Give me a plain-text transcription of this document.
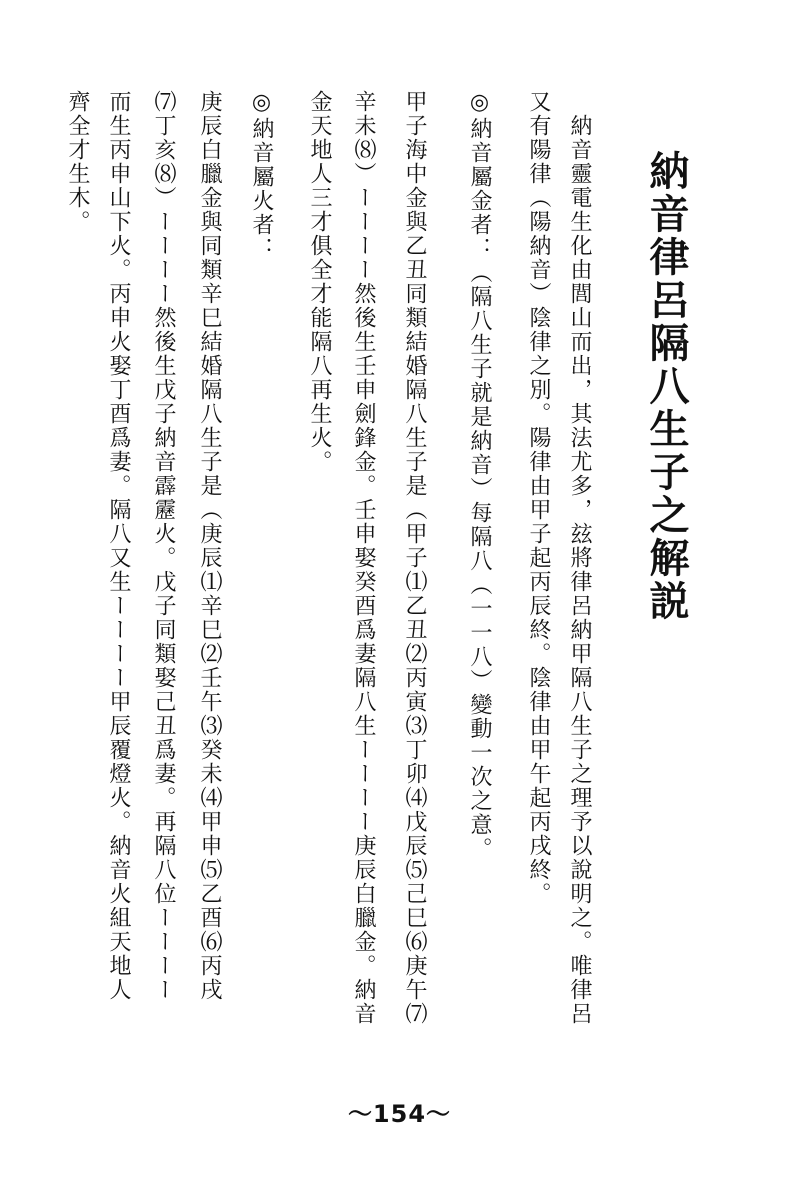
納音律呂隔八生子之解説
　納音靈電生化由閭山而出，其法尤多，玆將律呂納甲隔八生子之理予以說明之。唯律呂
又有陽律（陽納音）陰律之別。陽律由甲子起丙辰終。陰律由甲午起丙戌終。
◎納音屬金者：（隔八生子就是納音）每隔八（一一八）變動一次之意。
甲子海中金與乙丑同類結婚隔八生子是（甲子⑴乙丑⑵丙寅⑶丁卯⑷戊辰⑸己巳⑹庚午⑺
辛未⑻）ーーーー然後生壬申劍鋒金。壬申娶癸酉爲妻隔八生ーーーー庚辰白臘金。納音
金天地人三才俱全才能隔八再生火。
◎納音屬火者：
庚辰白臘金與同類辛巳結婚隔八生子是（庚辰⑴辛巳⑵壬午⑶癸未⑷甲申⑸乙酉⑹丙戌
⑺丁亥⑻）ーーーー然後生戊子納音霹靂火。戊子同類娶己丑爲妻。再隔八位ーーーー
而生丙申山下火。丙申火娶丁酉爲妻。隔八又生ーーーー甲辰覆燈火。納音火組天地人
齊全才生木。
～154～
